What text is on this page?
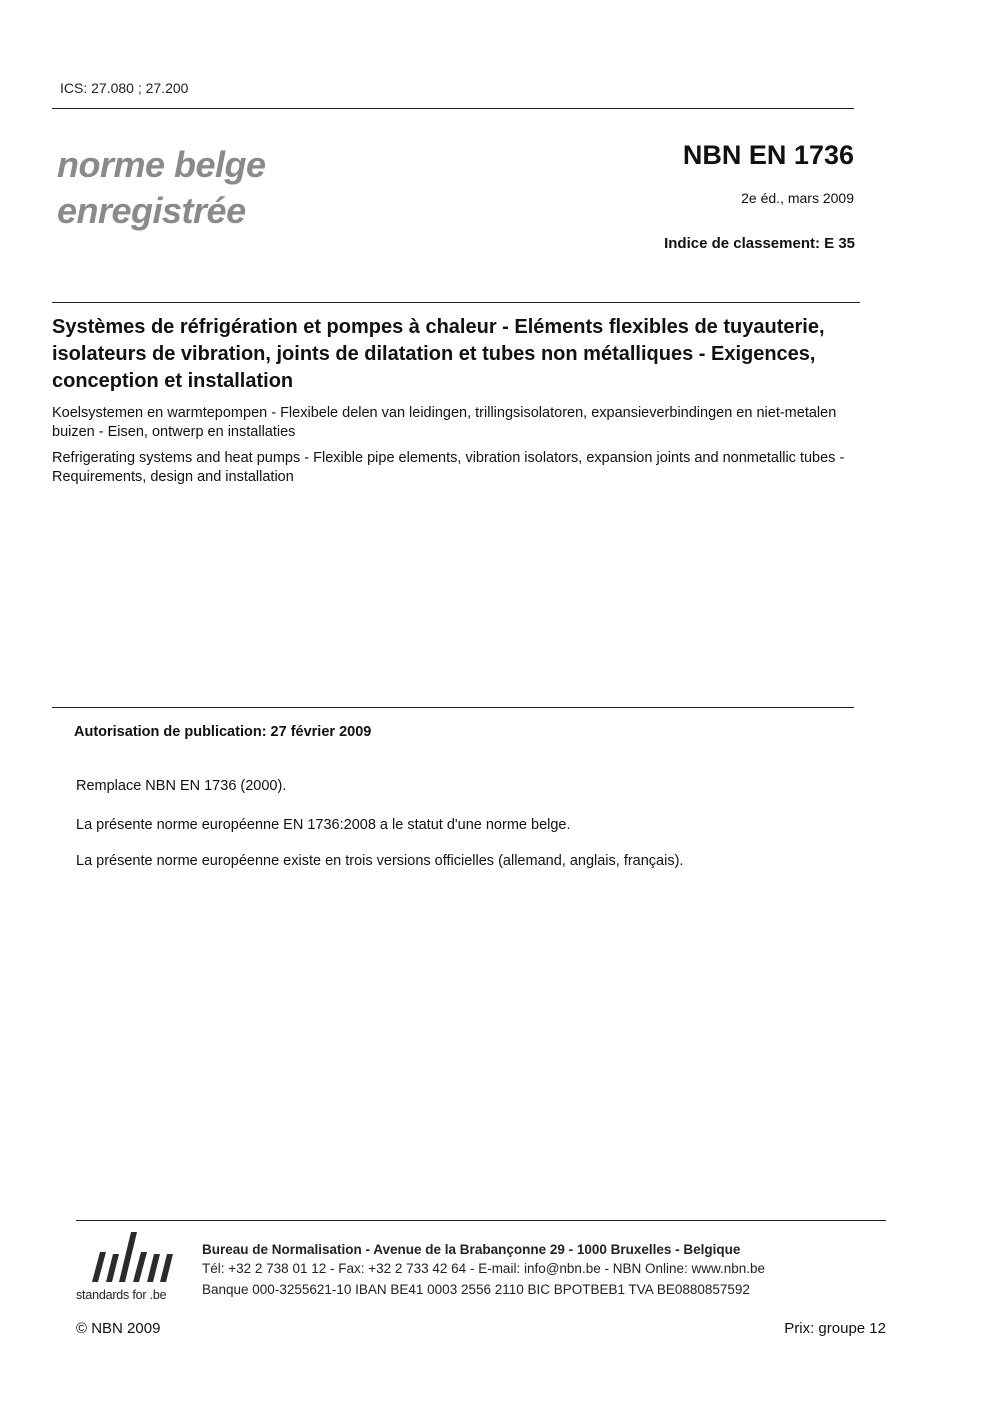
ICS: 27.080 ; 27.200
norme belge
enregistrée
NBN EN 1736
2e éd., mars 2009
Indice de classement: E 35
Systèmes de réfrigération et pompes à chaleur - Eléments flexibles de tuyauterie, isolateurs de vibration, joints de dilatation et tubes non métalliques - Exigences, conception et installation
Koelsystemen en warmtepompen - Flexibele delen van leidingen, trillingsisolatoren, expansieverbindingen en niet-metalen buizen - Eisen, ontwerp en installaties
Refrigerating systems and heat pumps - Flexible pipe elements, vibration isolators, expansion joints and nonmetallic tubes - Requirements, design and installation
Autorisation de publication: 27 février 2009
Remplace NBN EN 1736 (2000).
La présente norme européenne EN 1736:2008 a le statut d'une norme belge.
La présente norme européenne existe en trois versions officielles (allemand, anglais, français).
standards for .be
Bureau de Normalisation - Avenue de la Brabançonne 29 - 1000 Bruxelles - Belgique
Tél: +32 2 738 01 12 - Fax: +32 2 733 42 64 - E-mail: info@nbn.be - NBN Online: www.nbn.be
Banque 000-3255621-10 IBAN BE41 0003 2556 2110 BIC BPOTBEB1 TVA BE0880857592
© NBN 2009	Prix: groupe 12
